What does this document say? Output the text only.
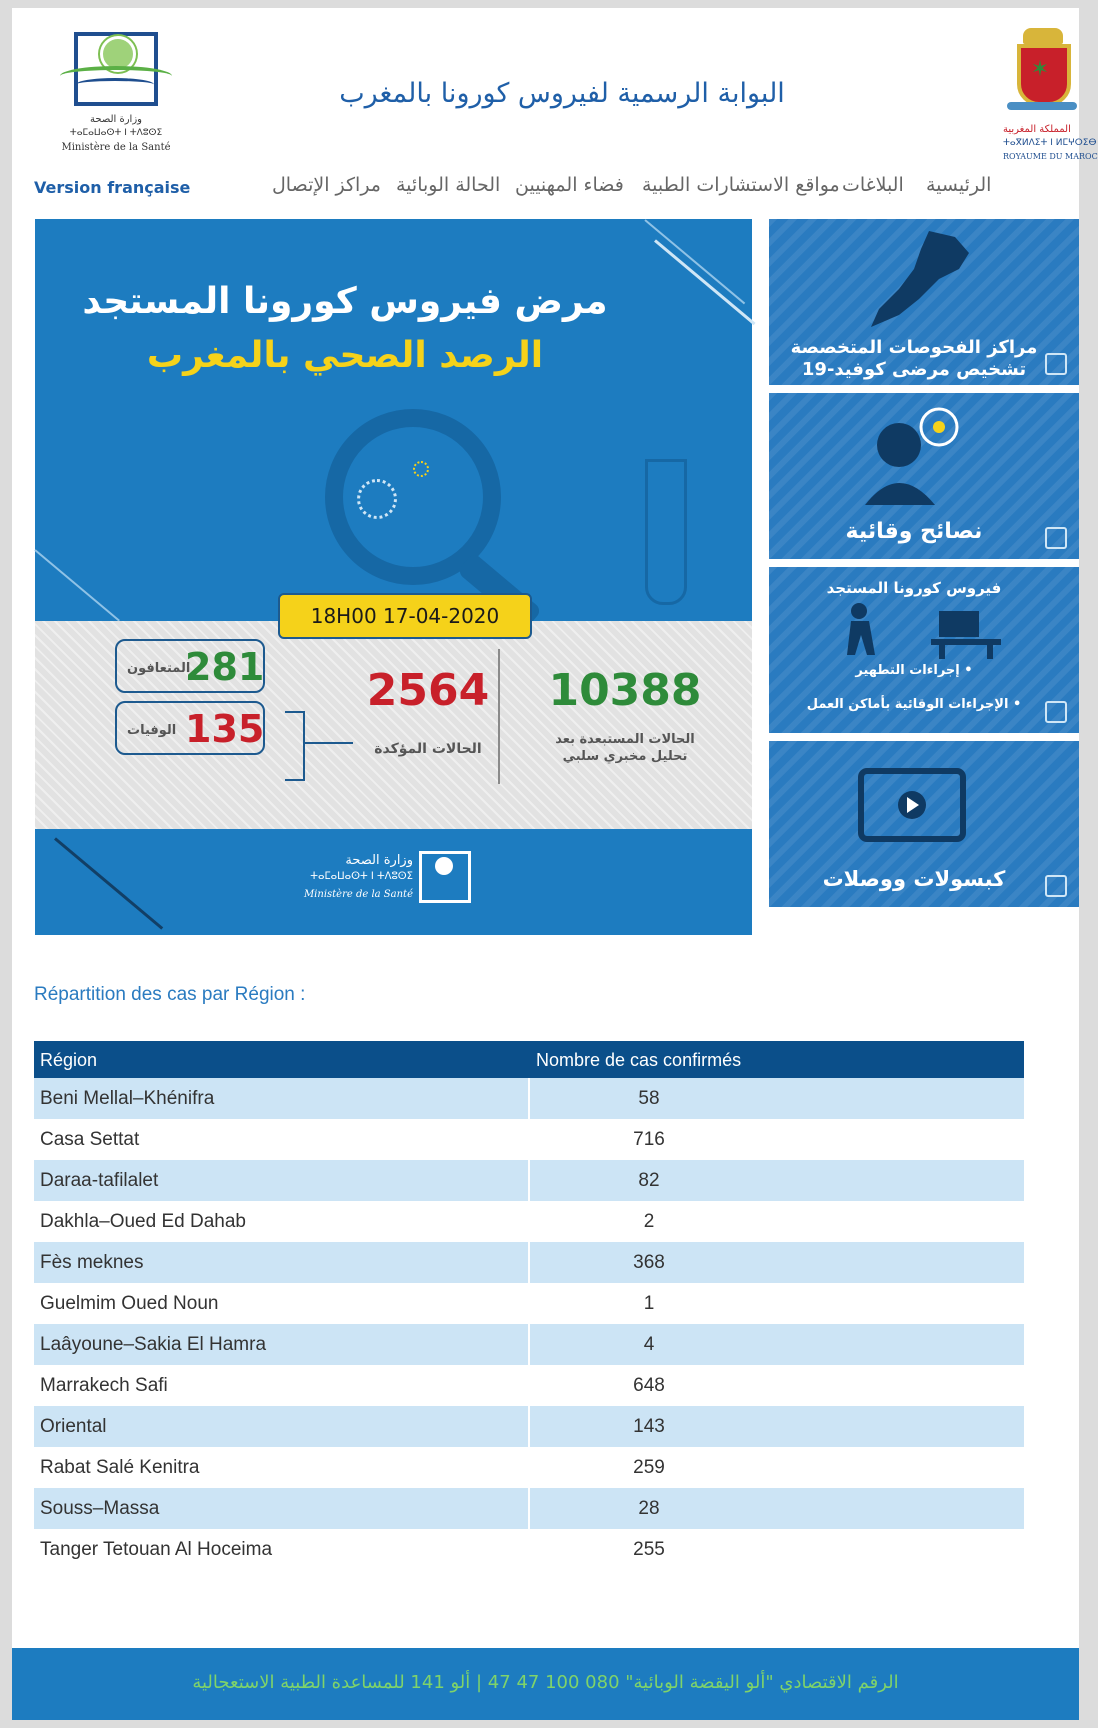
وزارة الصحة
ⵜⴰⵎⴰⵡⴰⵙⵜ ⵏ ⵜⴷⵓⵙⵉ
Ministère de la Santé
البوابة الرسمية لفيروس كورونا بالمغرب
✶
المملكة المغربية
ⵜⴰⴳⵍⴷⵉⵜ ⵏ ⵍⵎⵖⵔⵉⴱ
ROYAUME DU MAROC
Version française	مراكز الإتصال الحالة الوبائية فضاء المهنيين مواقع الاستشارات الطبية البلاغات الرئيسية
مرض فيروس كورونا المستجد
الرصد الصحي بالمغرب
18H00 17-04-2020
10388
الحالات المستبعدة بعد
تحليل مخبري سلبي
2564
الحالات المؤكدة
281
المتعافون
135
الوفيات
وزارة الصحة
ⵜⴰⵎⴰⵡⴰⵙⵜ ⵏ ⵜⴷⵓⵙⵉ
Ministère de la Santé
مراكز الفحوصات المتخصصة
تشخيص مرضى كوفيد-19
نصائح وقائية
فيروس كورونا المستجد
• إجراءات التطهير
• الإجراءات الوقائية بأماكن العمل
كبسولات ووصلات
Répartition des cas par Région :
Région	Nombre de cas confirmés
Beni Mellal–Khénifra	58
Casa Settat	716
Daraa-tafilalet	82
Dakhla–Oued Ed Dahab	2
Fès meknes	368
Guelmim Oued Noun	1
Laâyoune–Sakia El Hamra	4
Marrakech Safi	648
Oriental	143
Rabat Salé Kenitra	259
Souss–Massa	28
Tanger Tetouan Al Hoceima	255
الرقم الاقتصادي "ألو اليقضة الوبائية" 080 100 47 47 | ألو 141 للمساعدة الطبية الاستعجالية
